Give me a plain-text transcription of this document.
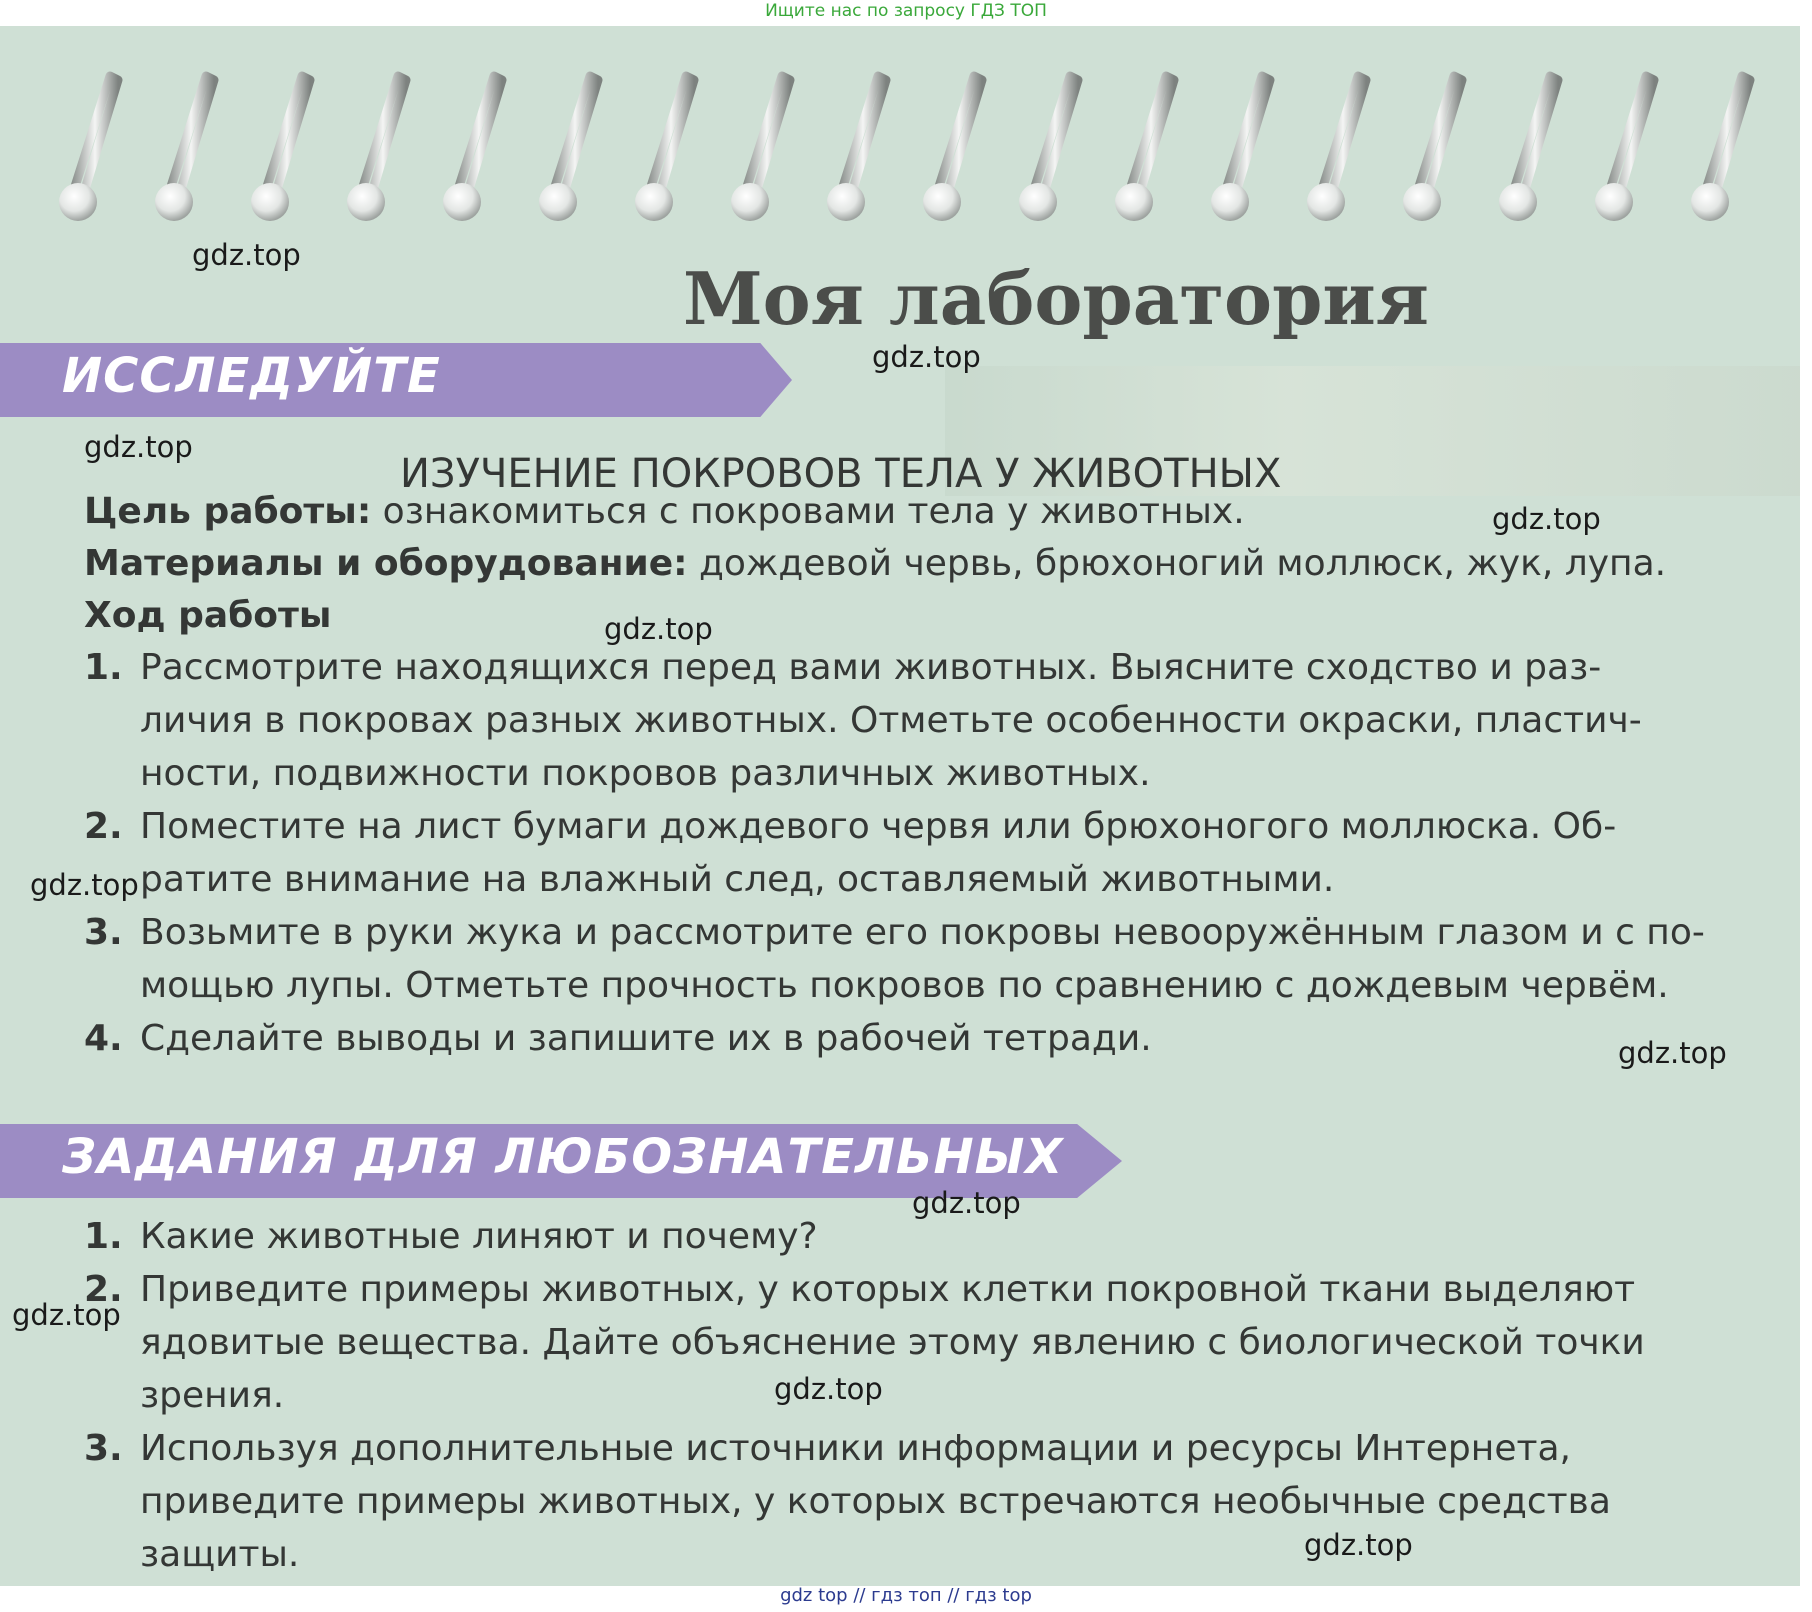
Ищите нас по запросу ГДЗ ТОП
Моя лаборатория
ИССЛЕДУЙТЕ
ИЗУЧЕНИЕ ПОКРОВОВ ТЕЛА У ЖИВОТНЫХ
Цель работы: ознакомиться с покровами тела у животных.
Материалы и оборудование: дождевой червь, брюхоногий моллюск, жук, лупа.
Ход работы
1. Рассмотрите находящихся перед вами животных. Выясните сходство и раз-
личия в покровах разных животных. Отметьте особенности окраски, пластич-
ности, подвижности покровов различных животных.
2. Поместите на лист бумаги дождевого червя или брюхоногого моллюска. Об-
ратите внимание на влажный след, оставляемый животными.
3. Возьмите в руки жука и рассмотрите его покровы невооружённым глазом и с по-
мощью лупы. Отметьте прочность покровов по сравнению с дождевым червём.
4. Сделайте выводы и запишите их в рабочей тетради.
ЗАДАНИЯ ДЛЯ ЛЮБОЗНАТЕЛЬНЫХ
1. Какие животные линяют и почему?
2. Приведите примеры животных, у которых клетки покровной ткани выделяют
ядовитые вещества. Дайте объяснение этому явлению с биологической точки
зрения.
3. Используя дополнительные источники информации и ресурсы Интернета,
приведите примеры животных, у которых встречаются необычные средства
защиты.
gdz.top
gdz.top
gdz.top
gdz.top
gdz.top
gdz.top
gdz.top
gdz.top
gdz.top
gdz.top
gdz.top
gdz top // гдз топ // гдз top
